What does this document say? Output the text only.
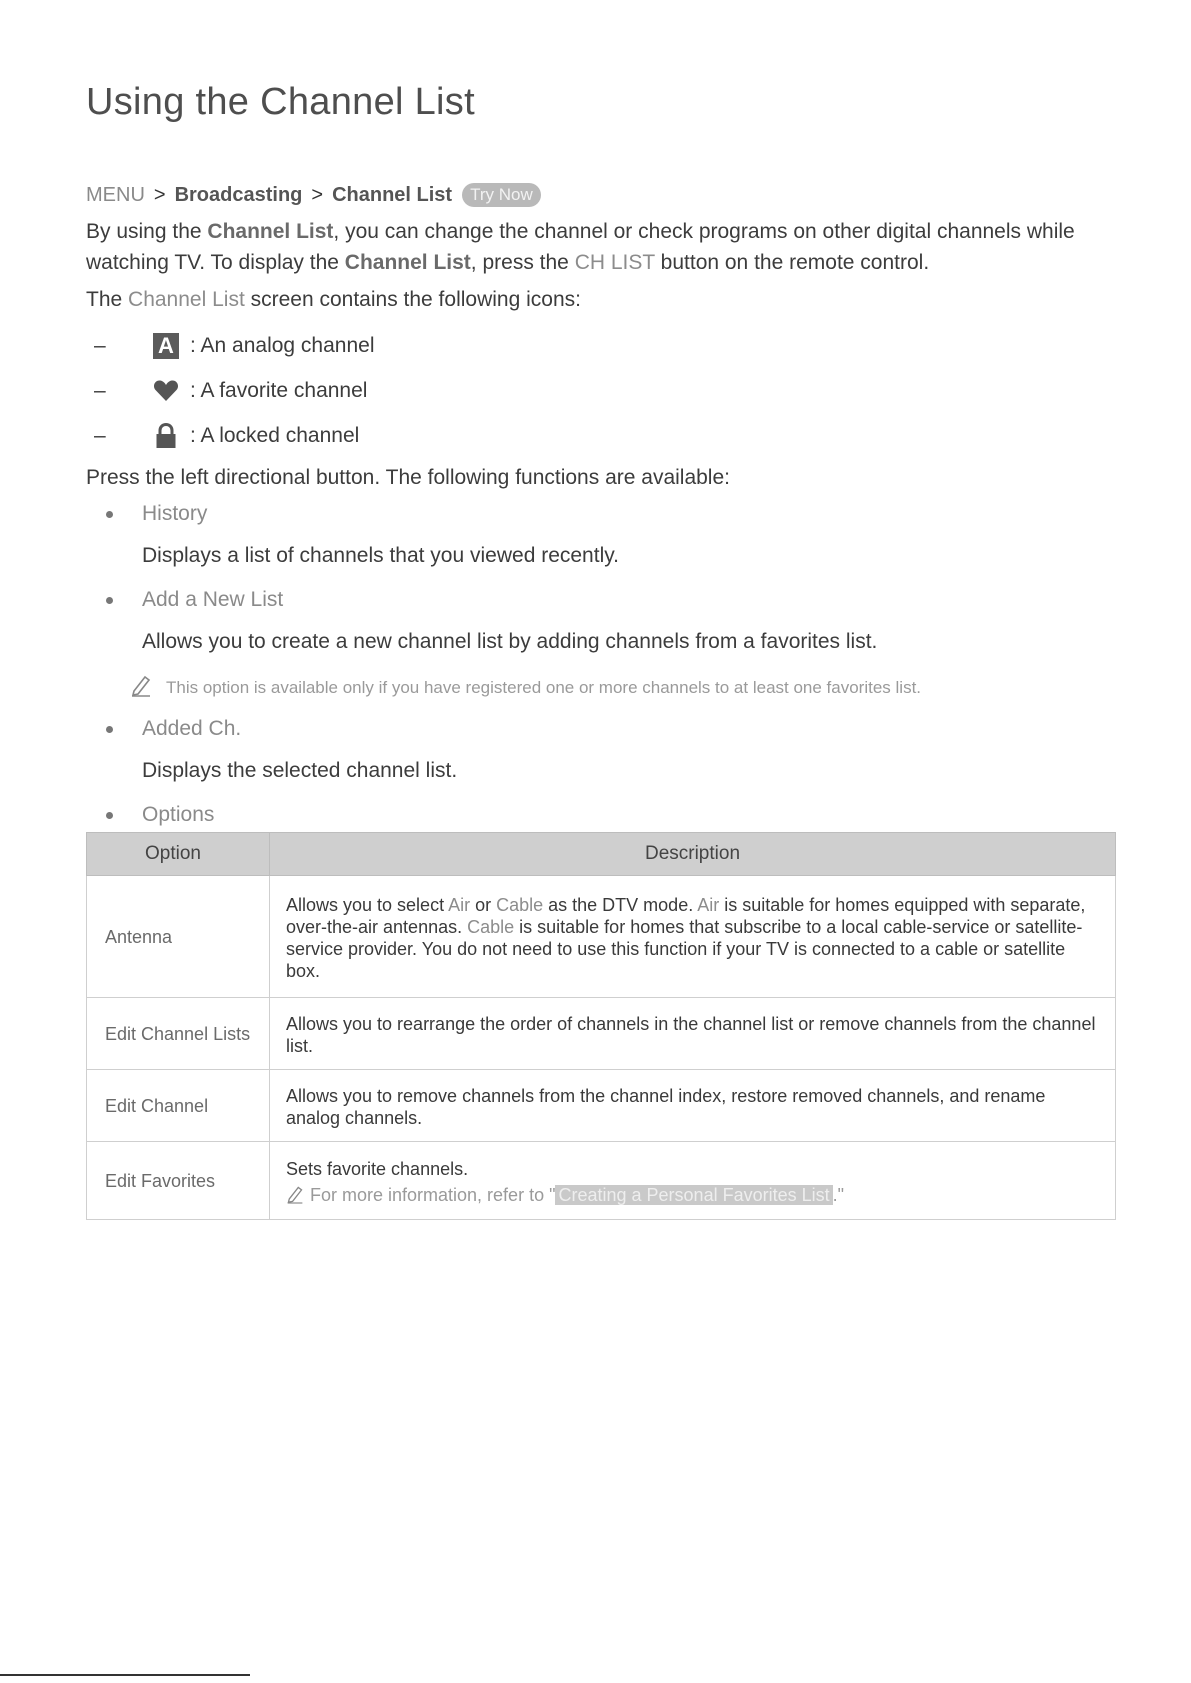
Using the Channel List
MENU > Broadcasting > Channel List	Try Now

By using the Channel List, you can change the channel or check programs on other digital channels while watching TV. To display the Channel List, press the CH LIST button on the remote control.

The Channel List screen contains the following icons:

–	A : An analog channel
–	: A favorite channel
–	: A locked channel

Press the left directional button. The following functions are available:

History
Displays a list of channels that you viewed recently.
Add a New List
Allows you to create a new channel list by adding channels from a favorites list.
This option is available only if you have registered one or more channels to at least one favorites list.
Added Ch.
Displays the selected channel list.
Options
Option	Description
Antenna	Allows you to select Air or Cable as the DTV mode. Air is suitable for homes equipped with separate, over-the-air antennas. Cable is suitable for homes that subscribe to a local cable-service or satellite-service provider. You do not need to use this function if your TV is connected to a cable or satellite box.
Edit Channel Lists	Allows you to rearrange the order of channels in the channel list or remove channels from the channel list.
Edit Channel	Allows you to remove channels from the channel index, restore removed channels, and rename analog channels.
Edit Favorites	Sets favorite channels.
For more information, refer to " Creating a Personal Favorites List ."
